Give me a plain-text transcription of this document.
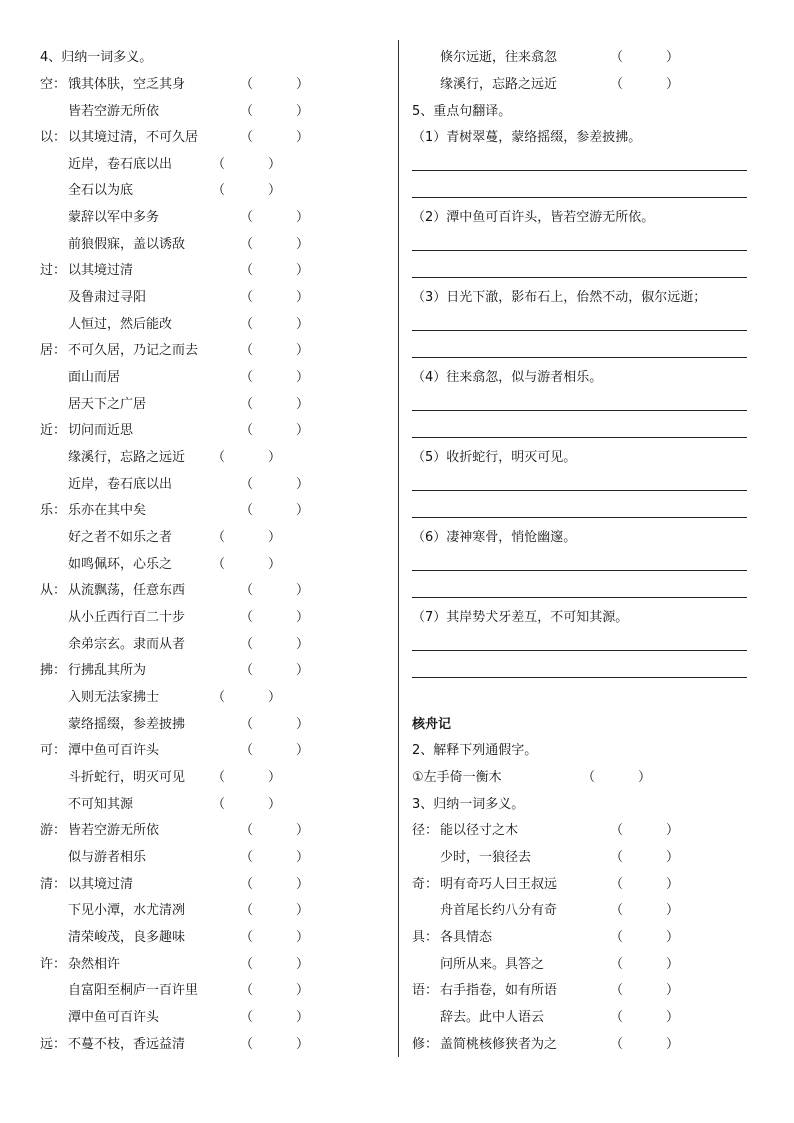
4、归纳一词多义。
空： 饿其体肤，空乏其身	（	）
皆若空游无所依	（	）
以： 以其境过清，不可久居	（	）
近岸，卷石底以出	（	）
全石以为底	（	）
蒙辞以军中多务	（	）
前狼假寐，盖以诱敌	（	）
过： 以其境过清	（	）
及鲁肃过寻阳	（	）
人恒过，然后能改	（	）
居： 不可久居，乃记之而去	（	）
面山而居	（	）
居天下之广居	（	）
近： 切问而近思	（	）
缘溪行，忘路之远近 （	）
近岸，卷石底以出	（	）
乐： 乐亦在其中矣	（	）
好之者不如乐之者	（	）
如鸣佩环，心乐之	（	）
从： 从流飘荡，任意东西	（	）
从小丘西行百二十步	（	）
余弟宗玄。隶而从者	（	）
拂： 行拂乱其所为	（	）
入则无法家拂士	（	）
蒙络摇缀，参差披拂	（	）
可： 潭中鱼可百许头	（	）
斗折蛇行，明灭可见 （	）
不可知其源	（	）
游： 皆若空游无所依	（	）
似与游者相乐	（	）
清： 以其境过清	（	）
下见小潭，水尤清冽	（	）
清荣峻茂，良多趣味	（	）
许： 杂然相许	（	）
自富阳至桐庐一百许里	（	）
潭中鱼可百许头	（	）
远： 不蔓不枝，香远益清	（	）
倏尔远逝，往来翕忽	（	）
缘溪行，忘路之远近	（	）
5、重点句翻译。
（1）青树翠蔓，蒙络摇缀，参差披拂。
（2）潭中鱼可百许头，皆若空游无所依。
（3）日光下澈，影布石上，佁然不动，俶尔远逝；
（4）往来翕忽，似与游者相乐。
（5）收折蛇行，明灭可见。
（6）凄神寒骨，悄怆幽邃。
（7）其岸势犬牙差互，不可知其源。
核舟记
2、解释下列通假字。
①左手倚一衡木	（	）
3、归纳一词多义。
径： 能以径寸之木	（	）
少时，一狼径去	（	）
奇： 明有奇巧人曰王叔远	（	）
舟首尾长约八分有奇	（	）
具： 各具情态	（	）
问所从来。具答之	（	）
语： 右手指卷，如有所语	（	）
辞去。此中人语云	（	）
修： 盖简桃核修狭者为之	（	）
